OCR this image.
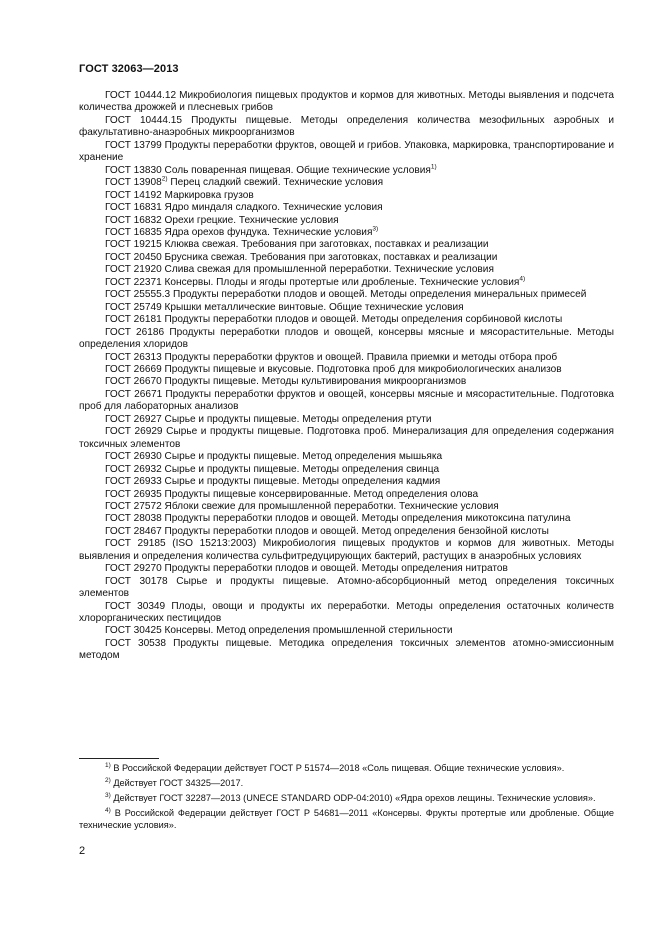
ГОСТ 32063—2013

ГОСТ 10444.12 Микробиология пищевых продуктов и кормов для животных. Методы выявления и подсчета количества дрожжей и плесневых грибов

ГОСТ 10444.15 Продукты пищевые. Методы определения количества мезофильных аэробных и факультативно-анаэробных микроорганизмов

ГОСТ 13799 Продукты переработки фруктов, овощей и грибов. Упаковка, маркировка, транспортирование и хранение

ГОСТ 13830 Соль поваренная пищевая. Общие технические условия$^{1)}$

ГОСТ 13908$^{2)}$ Перец сладкий свежий. Технические условия

ГОСТ 14192 Маркировка грузов

ГОСТ 16831 Ядро миндаля сладкого. Технические условия

ГОСТ 16832 Орехи грецкие. Технические условия

ГОСТ 16835 Ядра орехов фундука. Технические условия$^{3)}$

ГОСТ 19215 Клюква свежая. Требования при заготовках, поставках и реализации

ГОСТ 20450 Брусника свежая. Требования при заготовках, поставках и реализации

ГОСТ 21920 Слива свежая для промышленной переработки. Технические условия

ГОСТ 22371 Консервы. Плоды и ягоды протертые или дробленые. Технические условия$^{4)}$

ГОСТ 25555.3 Продукты переработки плодов и овощей. Методы определения минеральных примесей

ГОСТ 25749 Крышки металлические винтовые. Общие технические условия

ГОСТ 26181 Продукты переработки плодов и овощей. Методы определения сорбиновой кислоты

ГОСТ 26186 Продукты переработки плодов и овощей, консервы мясные и мясорастительные. Методы определения хлоридов

ГОСТ 26313 Продукты переработки фруктов и овощей. Правила приемки и методы отбора проб

ГОСТ 26669 Продукты пищевые и вкусовые. Подготовка проб для микробиологических анализов

ГОСТ 26670 Продукты пищевые. Методы культивирования микроорганизмов

ГОСТ 26671 Продукты переработки фруктов и овощей, консервы мясные и мясорастительные. Подготовка проб для лабораторных анализов

ГОСТ 26927 Сырье и продукты пищевые. Методы определения ртути

ГОСТ 26929 Сырье и продукты пищевые. Подготовка проб. Минерализация для определения содержания токсичных элементов

ГОСТ 26930 Сырье и продукты пищевые. Метод определения мышьяка

ГОСТ 26932 Сырье и продукты пищевые. Методы определения свинца

ГОСТ 26933 Сырье и продукты пищевые. Методы определения кадмия

ГОСТ 26935 Продукты пищевые консервированные. Метод определения олова

ГОСТ 27572 Яблоки свежие для промышленной переработки. Технические условия

ГОСТ 28038 Продукты переработки плодов и овощей. Методы определения микотоксина патулина

ГОСТ 28467 Продукты переработки плодов и овощей. Метод определения бензойной кислоты

ГОСТ 29185 (ISO 15213:2003) Микробиология пищевых продуктов и кормов для животных. Методы выявления и определения количества сульфитредуцирующих бактерий, растущих в анаэробных условиях

ГОСТ 29270 Продукты переработки плодов и овощей. Методы определения нитратов

ГОСТ 30178 Сырье и продукты пищевые. Атомно-абсорбционный метод определения токсичных элементов

ГОСТ 30349 Плоды, овощи и продукты их переработки. Методы определения остаточных количеств хлорорганических пестицидов

ГОСТ 30425 Консервы. Метод определения промышленной стерильности

ГОСТ 30538 Продукты пищевые. Методика определения токсичных элементов атомно-эмиссионным методом

$^{1)}$ В Российской Федерации действует ГОСТ Р 51574—2018 «Соль пищевая. Общие технические условия».

$^{2)}$ Действует ГОСТ 34325—2017.

$^{3)}$ Действует ГОСТ 32287—2013 (UNECE STANDARD ODP-04:2010) «Ядра орехов лещины. Технические условия».

$^{4)}$ В Российской Федерации действует ГОСТ Р 54681—2011 «Консервы. Фрукты протертые или дробленые. Общие технические условия».

2
